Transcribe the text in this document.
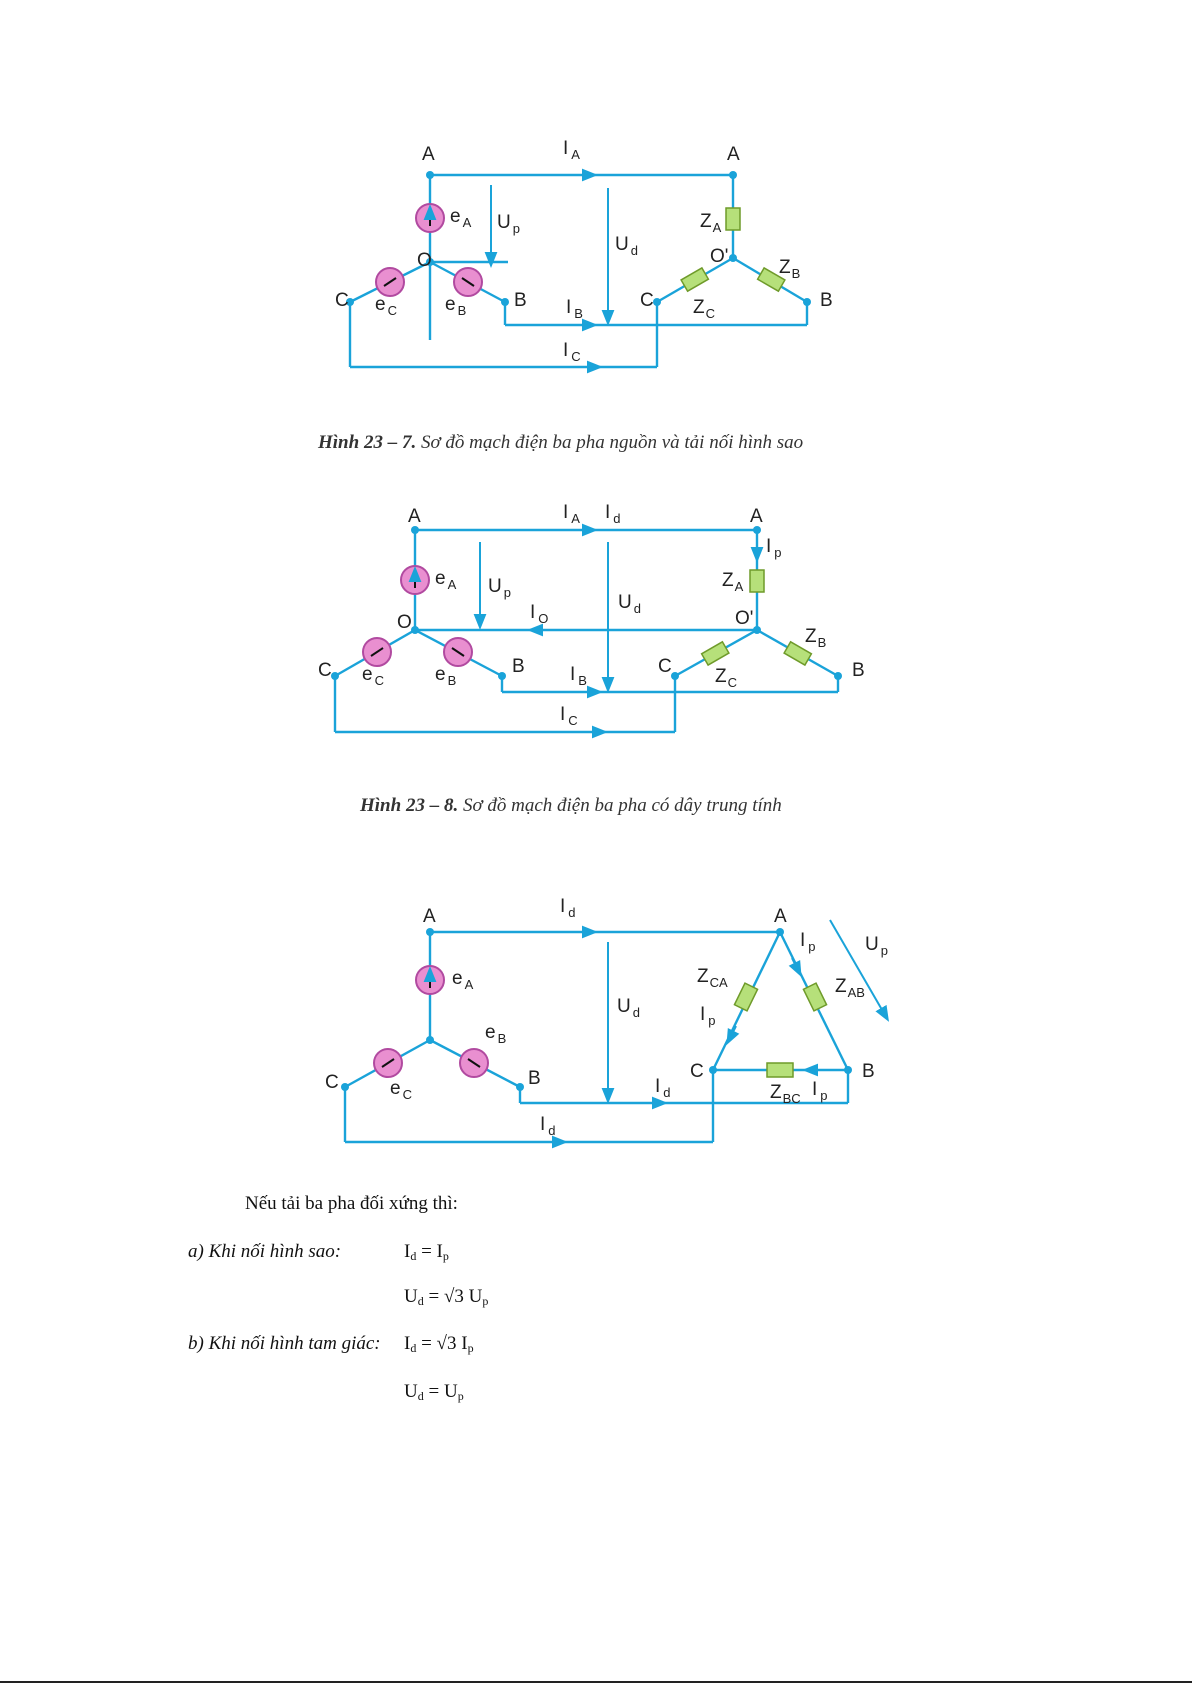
A	A
O	O'
C	B	C	B
I $_A$
I $_B$
I $_C$
e $_A$
e $_B$
e $_C$
U $_p$
U $_d$
$Z_A$
$Z_B$
$Z_C$
Hình 23 – 7. Sơ đồ mạch điện ba pha nguồn và tải nối hình sao
A	A
O	O'
C	B	C	B
I $_A$ I $_d$
I $_p$
I $_O$
I $_B$
I $_C$
e $_A$
e $_B$
e $_C$
U $_p$	U $_d$
$Z_A$
$Z_B$
$Z_C$
Hình 23 – 8. Sơ đồ mạch điện ba pha có dây trung tính
A	A
C	B	C	B
I $_d$
I $_d$
I $_d$
I $_p$
I $_p$
I $_p$
e $_A$
e $_B$
e $_C$
U $_d$
U $_p$
$Z_{CA}$	$Z_{AB}$
$Z_{BC}$
Nếu tải ba pha đối xứng thì:
a) Khi nối hình sao:	$I_d = I_p$
$U_d = √3$ $U_p$
b) Khi nối hình tam giác: $I_d = √3$ $I_p$
$U_d = U_p$
